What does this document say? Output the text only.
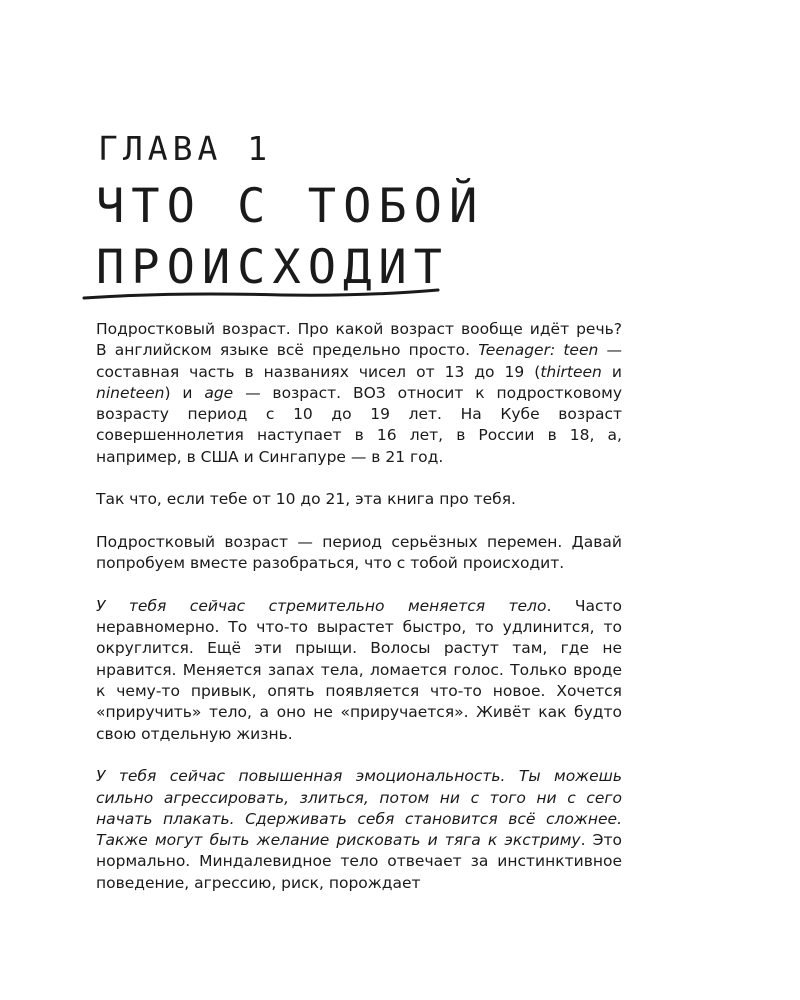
ГЛАВА 1
ЧТО С ТОБОЙ
ПРОИСХОДИТ

Подростковый возраст. Про какой возраст вообще идёт речь? В английском языке всё предельно просто. Teenager: teen — составная часть в названиях чисел от 13 до 19 (thirteen и nineteen) и age — возраст. ВОЗ относит к подростковому возрасту период с 10 до 19 лет. На Кубе возраст совершеннолетия наступает в 16 лет, в России в 18, а, например, в США и Сингапуре — в 21 год.

Так что, если тебе от 10 до 21, эта книга про тебя.

Подростковый возраст — период серьёзных перемен. Давай попробуем вместе разобраться, что с тобой происходит.

У тебя сейчас стремительно меняется тело. Часто неравномерно. То что-то вырастет быстро, то удлинится, то округлится. Ещё эти прыщи. Волосы растут там, где не нравится. Меняется запах тела, ломается голос. Только вроде к чему-то привык, опять появляется что-то новое. Хочется «приручить» тело, а оно не «приручается». Живёт как будто свою отдельную жизнь.

У тебя сейчас повышенная эмоциональность. Ты можешь сильно агрессировать, злиться, потом ни с того ни с сего начать плакать. Сдерживать себя становится всё сложнее. Также могут быть желание рисковать и тяга к экстриму. Это нормально. Миндалевидное тело отвечает за инстинктивное поведение, агрессию, риск, порождает
